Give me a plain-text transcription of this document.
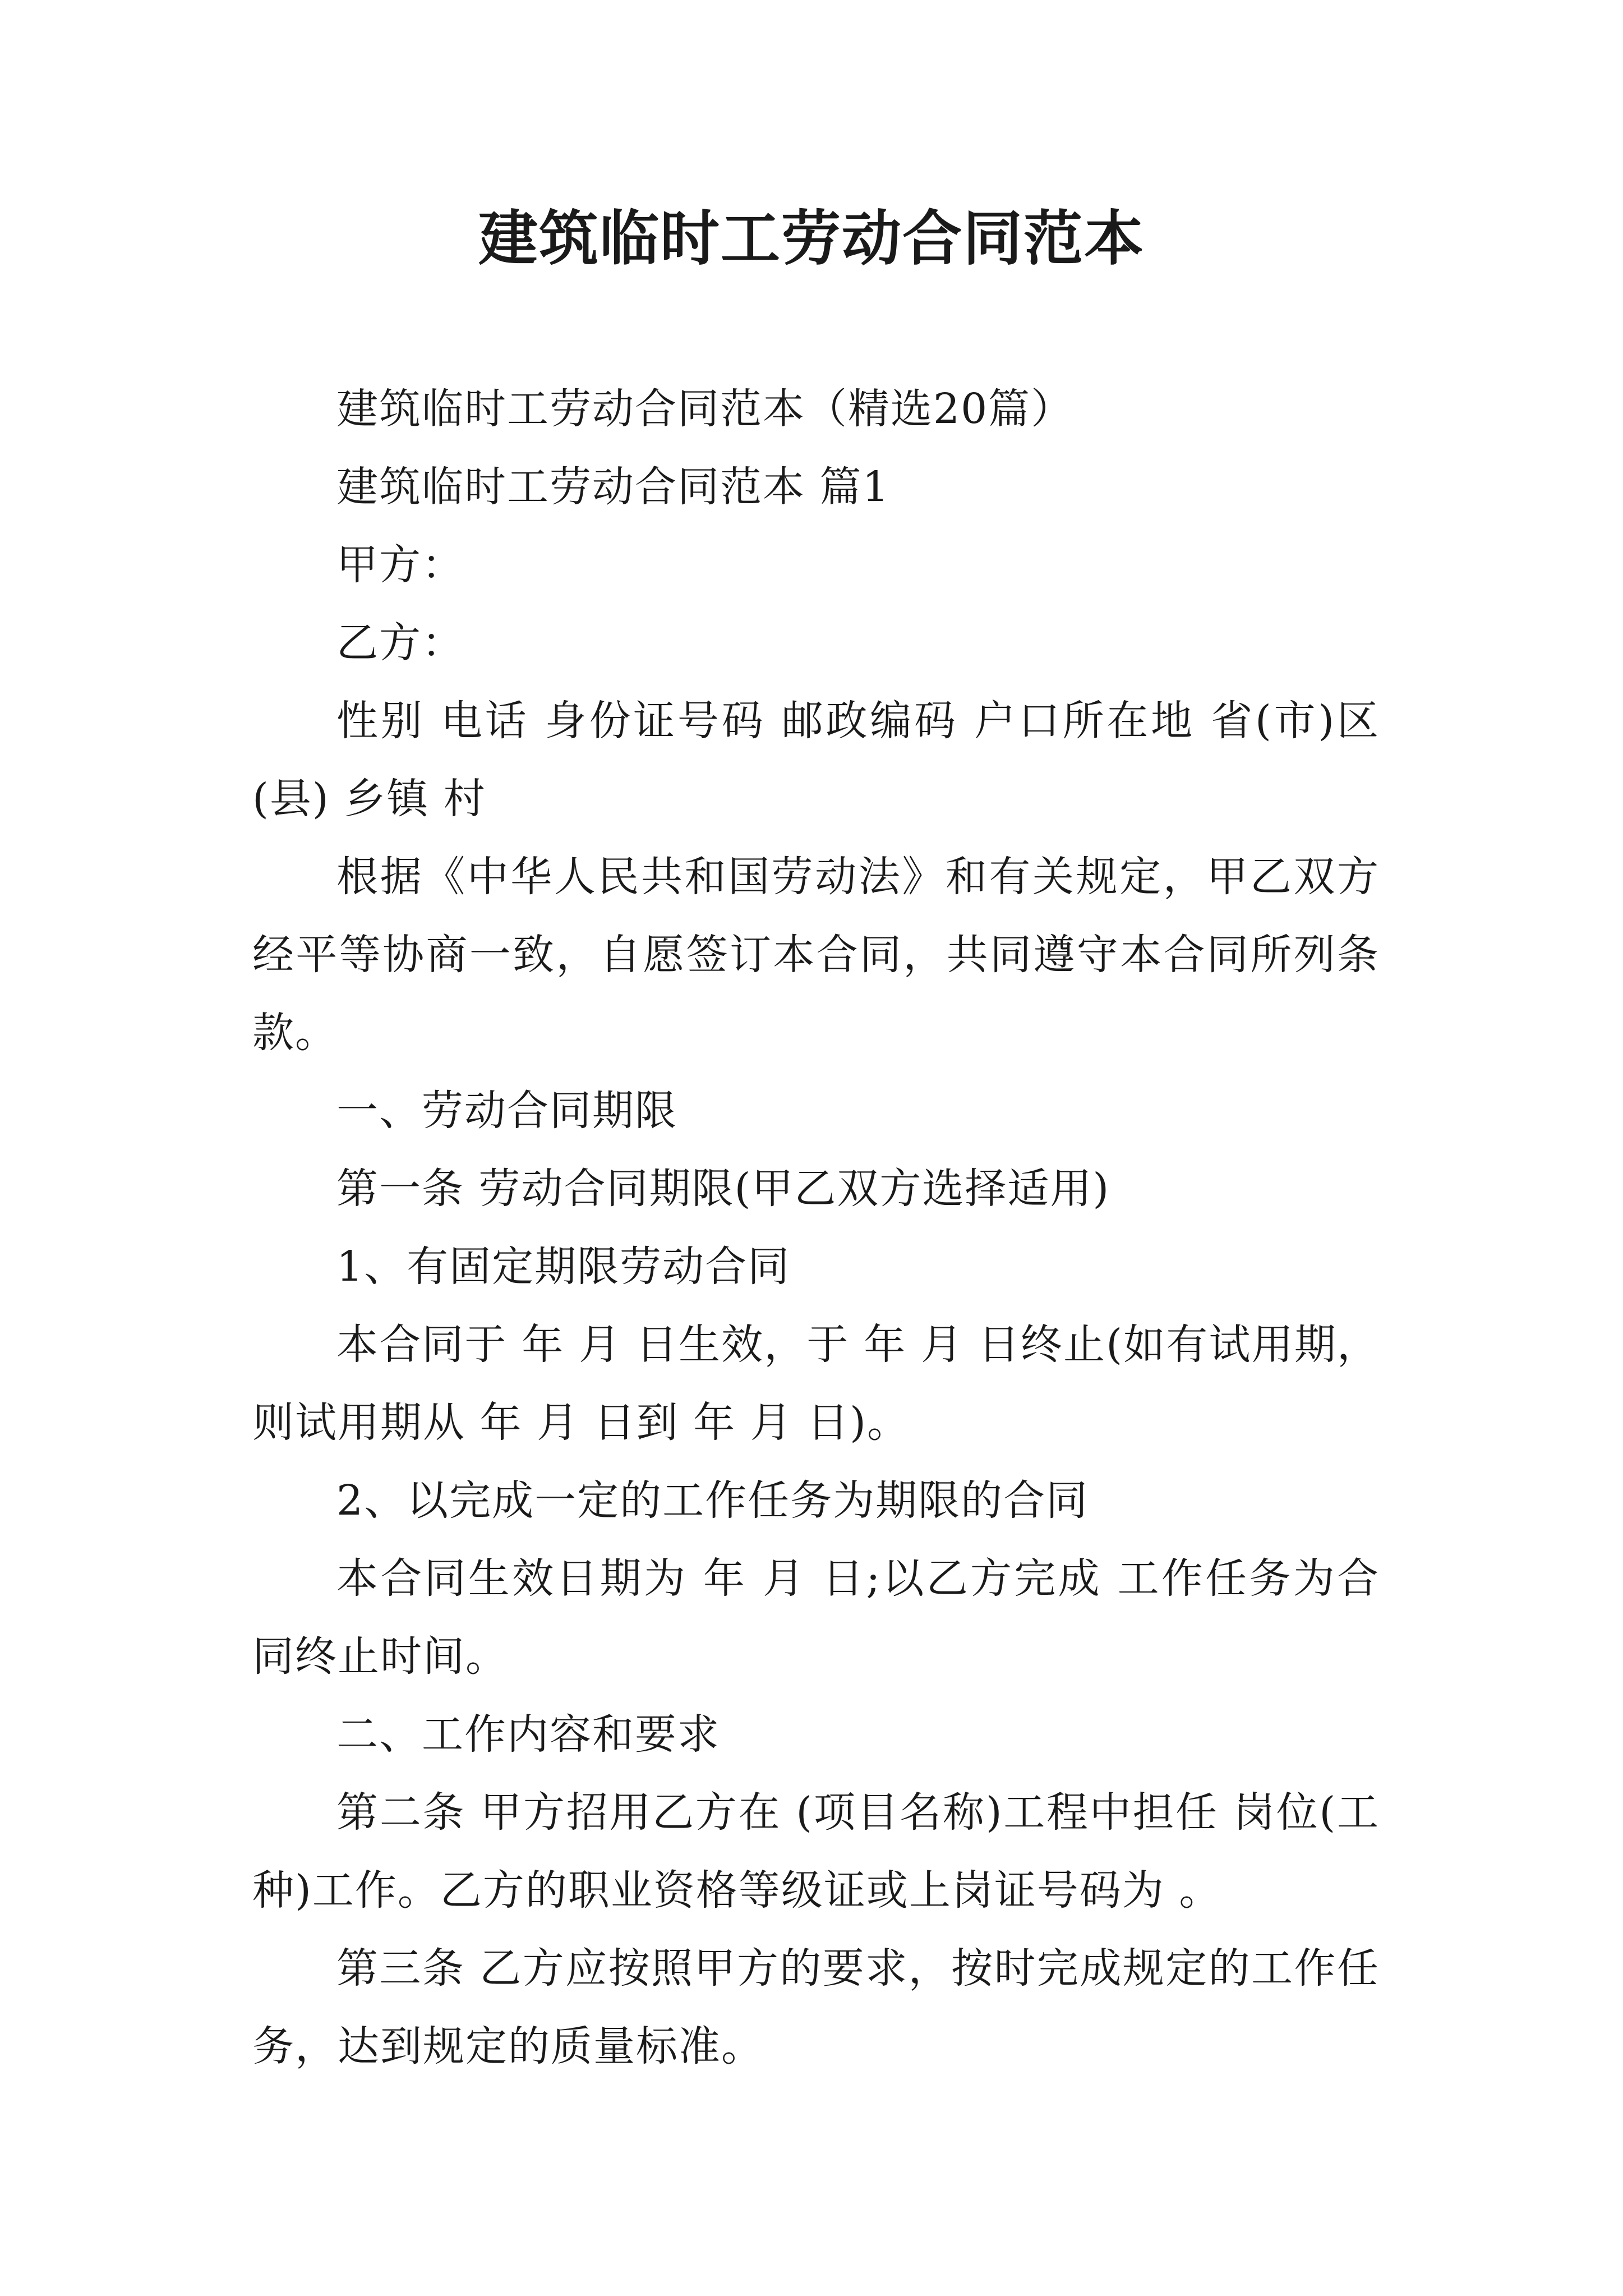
建筑临时工劳动合同范本

建筑临时工劳动合同范本（精选20篇）

建筑临时工劳动合同范本 篇1

甲方：

乙方：

性别 电话 身份证号码 邮政编码 户口所在地 省(市)区(县) 乡镇 村

根据《中华人民共和国劳动法》和有关规定，甲乙双方经平等协商一致，自愿签订本合同，共同遵守本合同所列条款。

一、劳动合同期限

第一条 劳动合同期限(甲乙双方选择适用)

1、有固定期限劳动合同

本合同于 年 月 日生效，于 年 月 日终止(如有试用期，则试用期从 年 月 日到 年 月 日)。

2、以完成一定的工作任务为期限的合同

本合同生效日期为 年 月 日;以乙方完成 工作任务为合同终止时间。

二、工作内容和要求

第二条 甲方招用乙方在 (项目名称)工程中担任 岗位(工种)工作。乙方的职业资格等级证或上岗证号码为 。

第三条 乙方应按照甲方的要求，按时完成规定的工作任务，达到规定的质量标准。
